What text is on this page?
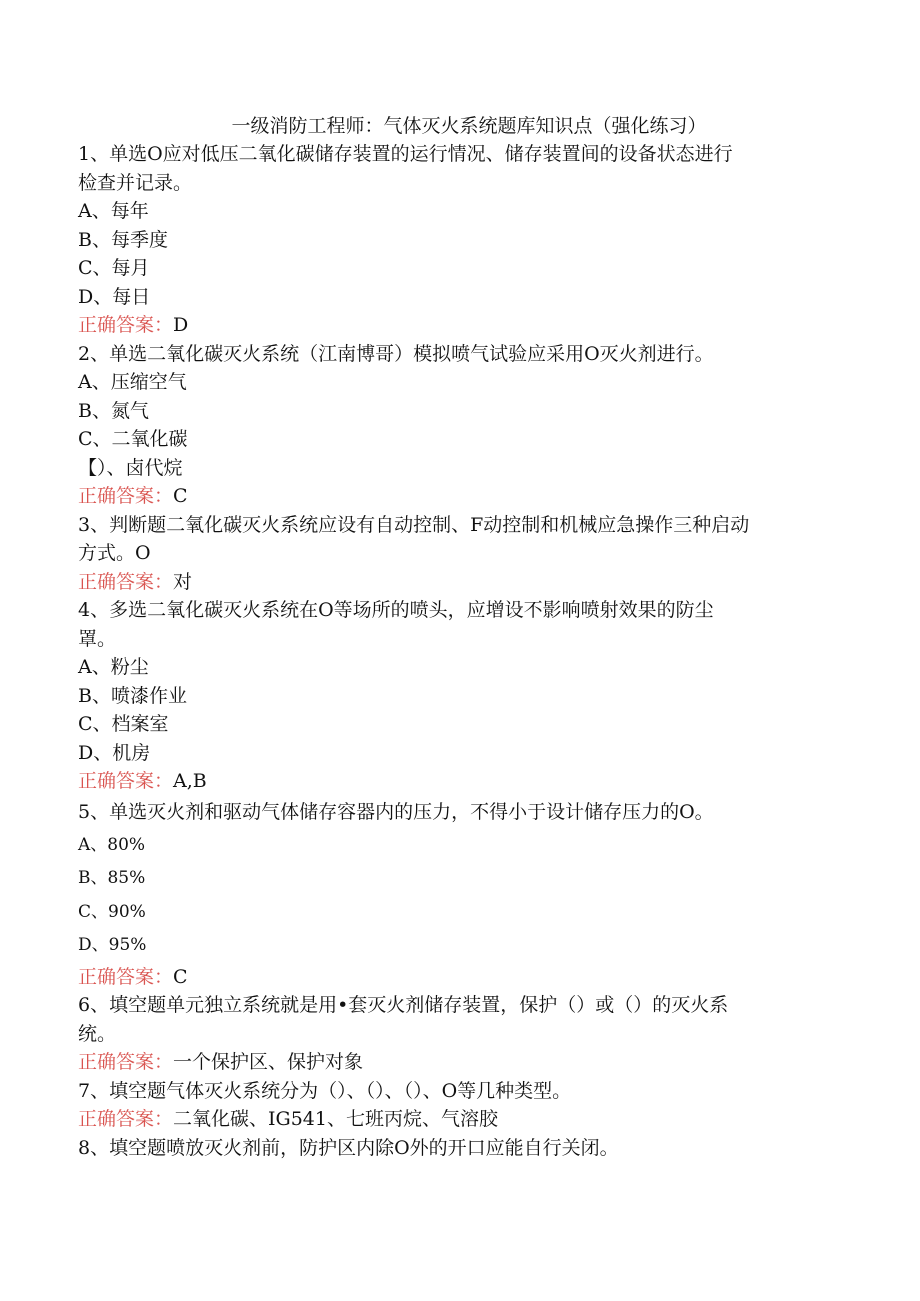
一级消防工程师：气体灭火系统题库知识点（强化练习）
1、单选O应对低压二氧化碳储存装置的运行情况、储存装置间的设备状态进行
检查并记录。
A、每年
B、每季度
C、每月
D、每日
正确答案：D
2、单选二氧化碳灭火系统（江南博哥）模拟喷气试验应采用O灭火剂进行。
A、压缩空气
B、氮气
C、二氧化碳
【）、卤代烷
正确答案：C
3、判断题二氧化碳灭火系统应设有自动控制、F动控制和机械应急操作三种启动
方式。O
正确答案：对
4、多选二氧化碳灭火系统在O等场所的喷头，应增设不影响喷射效果的防尘
罩。
A、粉尘
B、喷漆作业
C、档案室
D、机房
正确答案：A,B
5、单选灭火剂和驱动气体储存容器内的压力，不得小于设计储存压力的O。
A、80%
B、85%
C、90%
D、95%
正确答案：C
6、填空题单元独立系统就是用•套灭火剂储存装置，保护（）或（）的灭火系
统。
正确答案：一个保护区、保护对象
7、填空题气体灭火系统分为（）、（）、（）、O等几种类型。
正确答案：二氧化碳、IG541、七班丙烷、气溶胶
8、填空题喷放灭火剂前，防护区内除O外的开口应能自行关闭。
